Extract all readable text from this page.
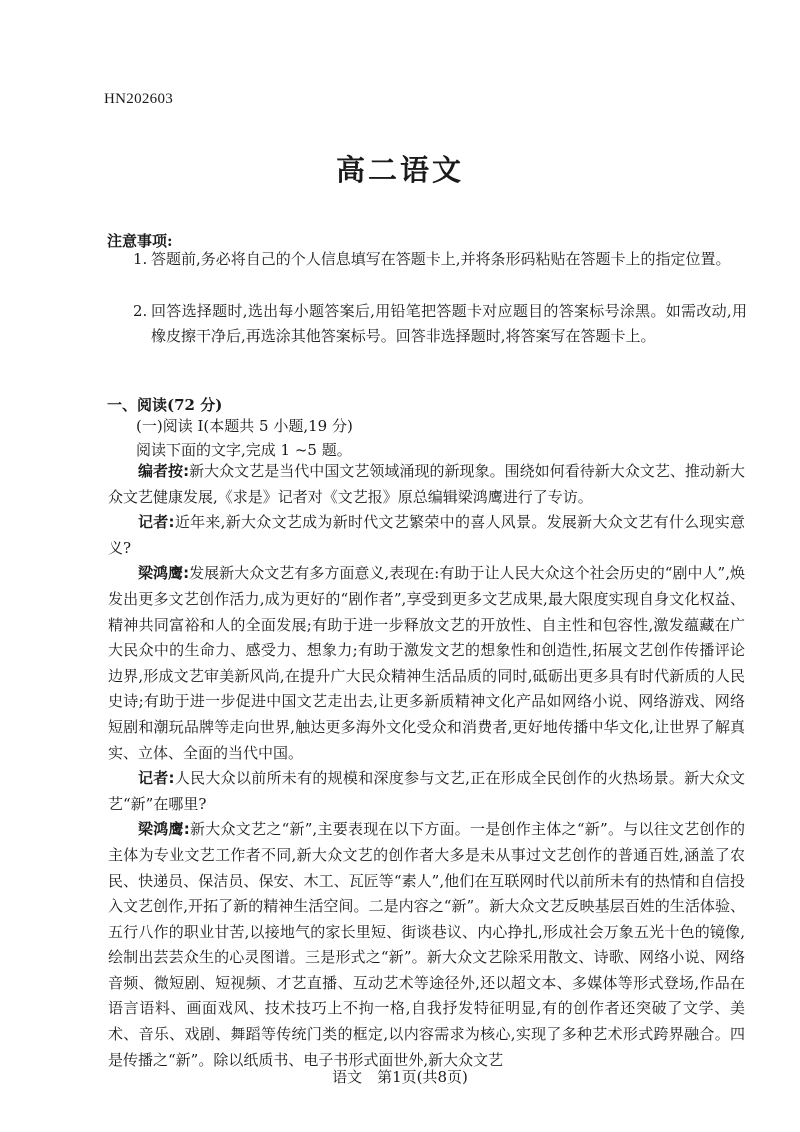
HN202603
高二语文
注意事项:
1. 答题前,务必将自己的个人信息填写在答题卡上,并将条形码粘贴在答题卡上的指定位置。
2. 回答选择题时,选出每小题答案后,用铅笔把答题卡对应题目的答案标号涂黑。如需改动,用橡皮擦干净后,再选涂其他答案标号。回答非选择题时,将答案写在答题卡上。
一、阅读(72 分)
(一)阅读 I(本题共 5 小题,19 分)
阅读下面的文字,完成 1 ~5 题。

编者按:新大众文艺是当代中国文艺领域涌现的新现象。围绕如何看待新大众文艺、推动新大众文艺健康发展,《求是》记者对《文艺报》原总编辑梁鸿鹰进行了专访。

记者:近年来,新大众文艺成为新时代文艺繁荣中的喜人风景。发展新大众文艺有什么现实意义?

梁鸿鹰:发展新大众文艺有多方面意义,表现在:有助于让人民大众这个社会历史的“剧中人”,焕发出更多文艺创作活力,成为更好的“剧作者”,享受到更多文艺成果,最大限度实现自身文化权益、精神共同富裕和人的全面发展;有助于进一步释放文艺的开放性、自主性和包容性,激发蕴藏在广大民众中的生命力、感受力、想象力;有助于激发文艺的想象性和创造性,拓展文艺创作传播评论边界,形成文艺审美新风尚,在提升广大民众精神生活品质的同时,砥砺出更多具有时代新质的人民史诗;有助于进一步促进中国文艺走出去,让更多新质精神文化产品如网络小说、网络游戏、网络短剧和潮玩品牌等走向世界,触达更多海外文化受众和消费者,更好地传播中华文化,让世界了解真实、立体、全面的当代中国。

记者:人民大众以前所未有的规模和深度参与文艺,正在形成全民创作的火热场景。新大众文艺“新”在哪里?

梁鸿鹰:新大众文艺之“新”,主要表现在以下方面。一是创作主体之“新”。与以往文艺创作的主体为专业文艺工作者不同,新大众文艺的创作者大多是未从事过文艺创作的普通百姓,涵盖了农民、快递员、保洁员、保安、木工、瓦匠等“素人”,他们在互联网时代以前所未有的热情和自信投入文艺创作,开拓了新的精神生活空间。二是内容之“新”。新大众文艺反映基层百姓的生活体验、五行八作的职业甘苦,以接地气的家长里短、街谈巷议、内心挣扎,形成社会万象五光十色的镜像,绘制出芸芸众生的心灵图谱。三是形式之“新”。新大众文艺除采用散文、诗歌、网络小说、网络音频、微短剧、短视频、才艺直播、互动艺术等途径外,还以超文本、多媒体等形式登场,作品在语言语料、画面戏风、技术技巧上不拘一格,自我抒发特征明显,有的创作者还突破了文学、美术、音乐、戏剧、舞蹈等传统门类的框定,以内容需求为核心,实现了多种艺术形式跨界融合。四是传播之“新”。除以纸质书、电子书形式面世外,新大众文艺

语文　第1页(共8页)
